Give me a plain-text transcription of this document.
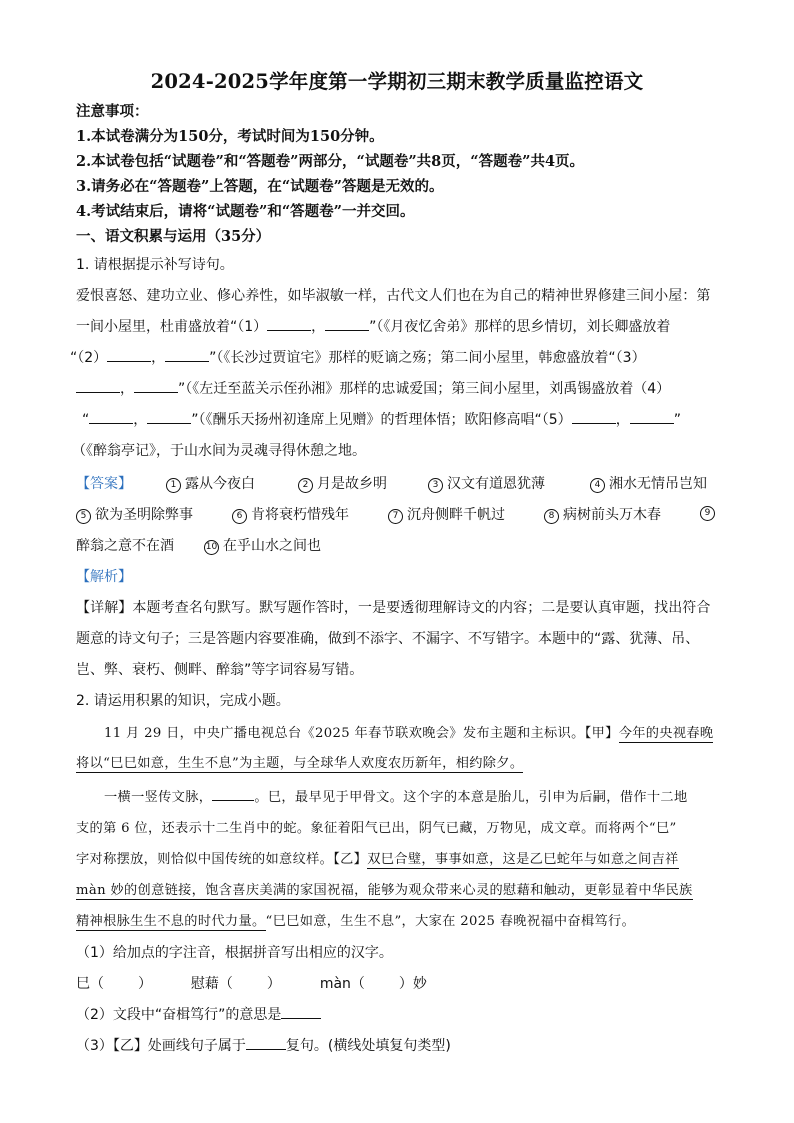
2024-2025学年度第一学期初三期末教学质量监控语文
注意事项：
1.本试卷满分为150分，考试时间为150分钟。
2.本试卷包括“试题卷”和“答题卷”两部分，“试题卷”共8页，“答题卷”共4页。
3.请务必在“答题卷”上答题，在“试题卷”答题是无效的。
4.考试结束后，请将“试题卷”和“答题卷”一并交回。
一、语文积累与运用（35分）
1. 请根据提示补写诗句。
爱恨喜怒、建功立业、修心养性，如毕淑敏一样，古代文人们也在为自己的精神世界修建三间小屋：第
一间小屋里，杜甫盛放着“（1）	，	”（《月夜忆舍弟》那样的思乡情切，刘长卿盛放着
“（2）	，	”（《长沙过贾谊宅》那样的贬谪之殇；第二间小屋里，韩愈盛放着“（3）
，	”（《左迁至蓝关示侄孙湘》那样的忠诚爱国；第三间小屋里，刘禹锡盛放着（4）
“	，	”（《酬乐天扬州初逢席上见赠》的哲理体悟；欧阳修高唱“（5）	，	”
（《醉翁亭记》，于山水间为灵魂寻得休憩之地。
【答案】	1 露从今夜白	2 月是故乡明	3 汉文有道恩犹薄	4 湘水无情吊岂知
5 欲为圣明除弊事	6 肯将衰朽惜残年	7 沉舟侧畔千帆过	8 病树前头万木春	9
醉翁之意不在酒	10 在乎山水之间也
【解析】
【详解】本题考查名句默写。默写题作答时，一是要透彻理解诗文的内容；二是要认真审题，找出符合
题意的诗文句子；三是答题内容要准确，做到不添字、不漏字、不写错字。本题中的“露、犹薄、吊、
岂、弊、衰朽、侧畔、醉翁”等字词容易写错。
2. 请运用积累的知识，完成小题。
11 月 29 日，中央广播电视总台《2025 年春节联欢晚会》发布主题和主标识。【甲】今年的央视春晚
将以“巳巳如意，生生不息”为主题，与全球华人欢度农历新年，相约除夕。
一横一竖传文脉，	。巳，最早见于甲骨文。这个字的本意是胎儿，引申为后嗣，借作十二地
支的第 6 位，还表示十二生肖中的蛇。象征着阳气已出，阴气已藏，万物见，成文章。而将两个“巳”
字对称摆放，则恰似中国传统的如意纹样。【乙】双巳合璧，事事如意，这是乙巳蛇年与如意之间吉祥
màn 妙的创意链接，饱含喜庆美满的家国祝福，能够为观众带来心灵的慰藉和触动，更彰显着中华民族
精神根脉生生不息的时代力量。“巳巳如意，生生不息”，大家在 2025 春晚祝福中奋楫笃行。
（1）给加点的字注音，根据拼音写出相应的汉字。
巳（ ）	慰藉（ ）	màn（ ）妙
（2）文段中“奋楫笃行”的意思是
（3）【乙】处画线句子属于	复句。(横线处填复句类型)
